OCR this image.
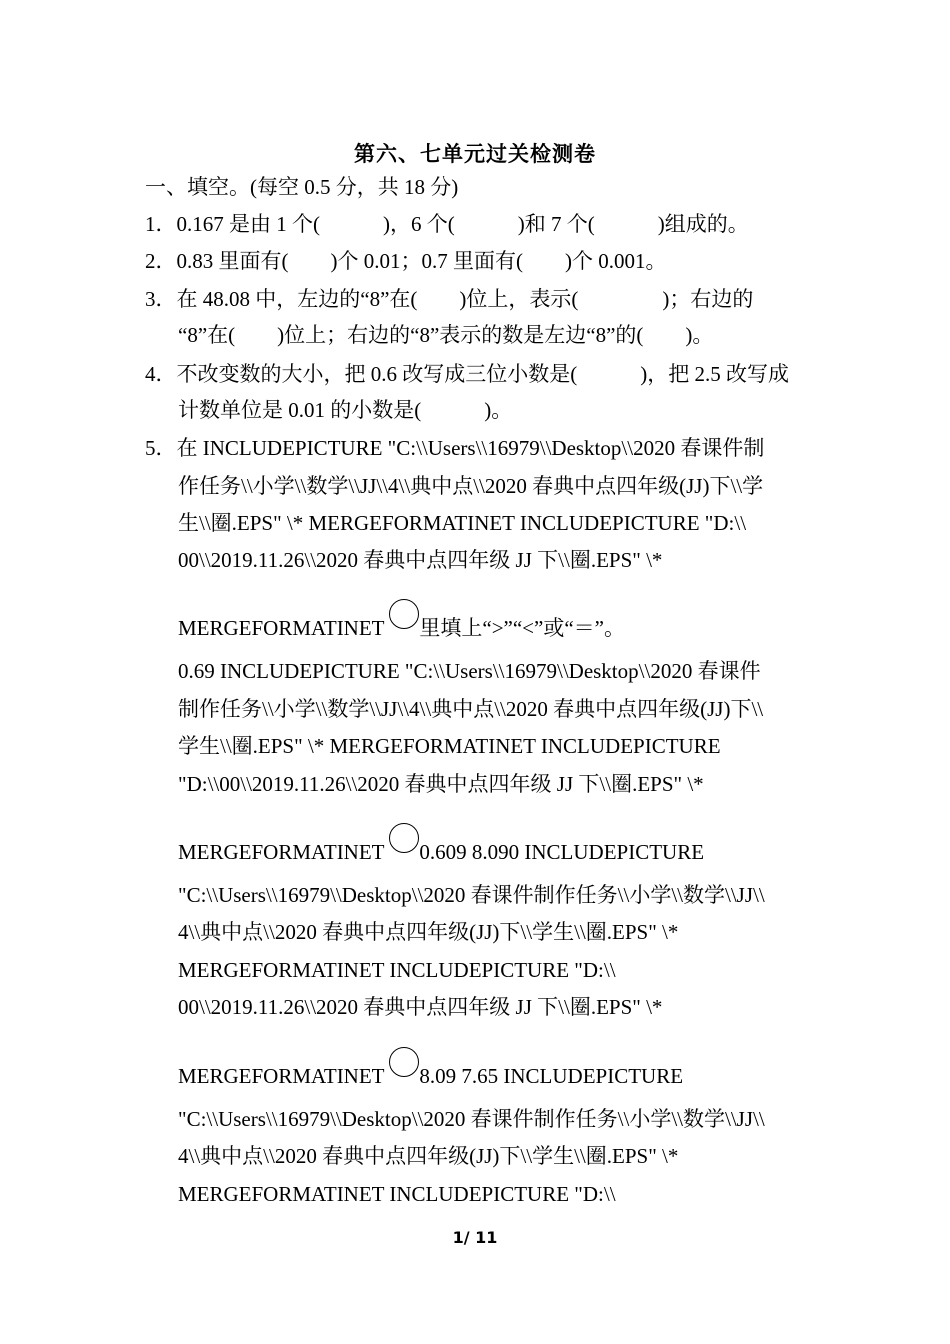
第六、七单元过关检测卷
一、填空。(每空 0.5 分，共 18 分)
1．0.167 是由 1 个(　　　)，6 个(　　　)和 7 个(　　　)组成的。
2．0.83 里面有(　　)个 0.01；0.7 里面有(　　)个 0.001。
3．在 48.08 中，左边的“8”在(　　)位上，表示(　　　　)；右边的
“8”在(　　)位上；右边的“8”表示的数是左边“8”的(　　)。
4．不改变数的大小，把 0.6 改写成三位小数是(　　　)，把 2.5 改写成
计数单位是 0.01 的小数是(　　　)。
5．在 INCLUDEPICTURE "C:\\Users\\16979\\Desktop\\2020 春课件制
作任务\\小学\\数学\\JJ\\4\\典中点\\2020 春典中点四年级(JJ)下\\学
生\\圈.EPS" \* MERGEFORMATINET INCLUDEPICTURE "D:\\
00\\2019.11.26\\2020 春典中点四年级 JJ 下\\圈.EPS" \*
MERGEFORMATINET 里填上“>”“<”或“＝”。
0.69 INCLUDEPICTURE "C:\\Users\\16979\\Desktop\\2020 春课件
制作任务\\小学\\数学\\JJ\\4\\典中点\\2020 春典中点四年级(JJ)下\\
学生\\圈.EPS" \* MERGEFORMATINET INCLUDEPICTURE
"D:\\00\\2019.11.26\\2020 春典中点四年级 JJ 下\\圈.EPS" \*
MERGEFORMATINET 0.609 8.090 INCLUDEPICTURE
"C:\\Users\\16979\\Desktop\\2020 春课件制作任务\\小学\\数学\\JJ\\
4\\典中点\\2020 春典中点四年级(JJ)下\\学生\\圈.EPS" \*
MERGEFORMATINET INCLUDEPICTURE "D:\\
00\\2019.11.26\\2020 春典中点四年级 JJ 下\\圈.EPS" \*
MERGEFORMATINET 8.09 7.65 INCLUDEPICTURE
"C:\\Users\\16979\\Desktop\\2020 春课件制作任务\\小学\\数学\\JJ\\
4\\典中点\\2020 春典中点四年级(JJ)下\\学生\\圈.EPS" \*
MERGEFORMATINET INCLUDEPICTURE "D:\\
1/ 11
